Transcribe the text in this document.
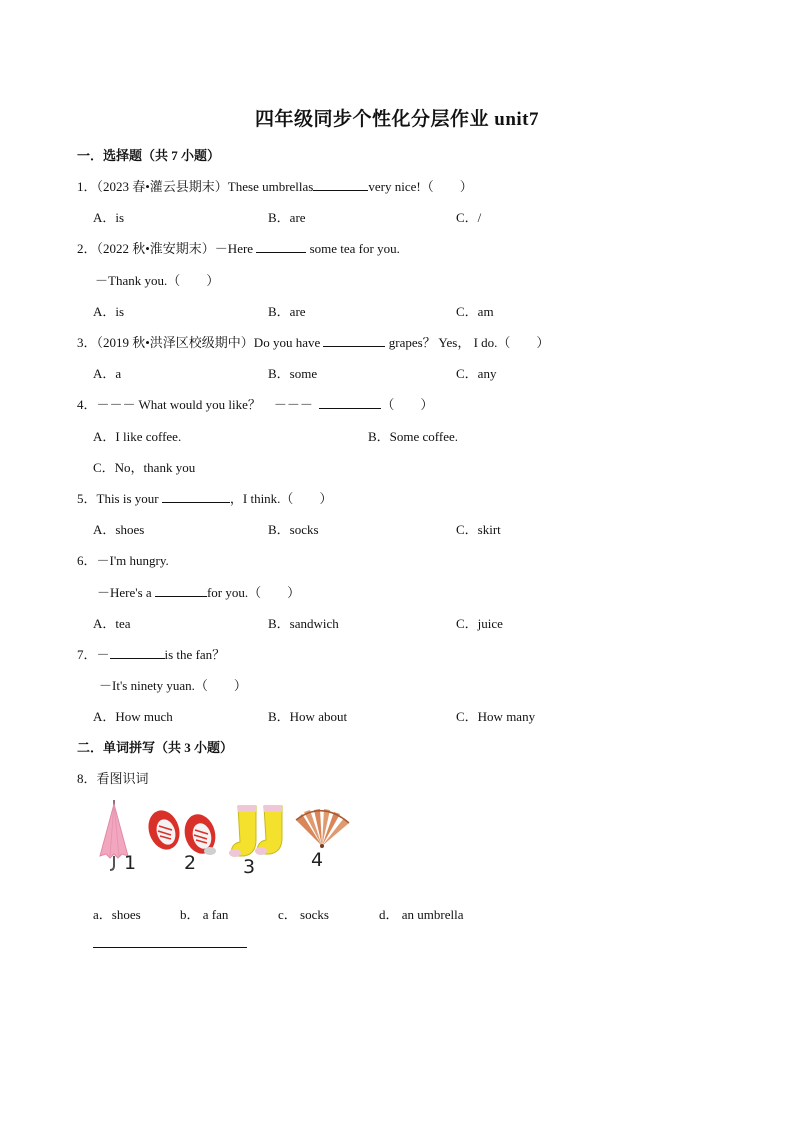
四年级同步个性化分层作业 unit7
一．选择题（共 7 小题）
1．（2023 春•灌云县期末）These umbrellas	very nice!（　　）
A．is	B．are	C．/
2．（2022 秋•淮安期末）－Here	some tea for you.
－Thank you.（　　）
A．is	B．are	C．am
3．（2019 秋•洪泽区校级期中）Do you have	grapes？ Yes， I do.（　　）
A．a	B．some	C．any
4．－－－ What would you like？　－－－	（　　）
A．I like coffee.	B．Some coffee.
C．No，thank you
5．This is your	，I think.（　　）
A．shoes	B．socks	C．skirt
6．－I'm hungry.
－Here's a	for you.（　　）
A．tea	B．sandwich	C．juice
7．－	is the fan？
－It's ninety yuan.（　　）
A．How much	B．How about	C．How many
二．单词拼写（共 3 小题）
8．看图识词
1	2 3	4
a．shoes	b． a fan	c． socks	d． an umbrella
